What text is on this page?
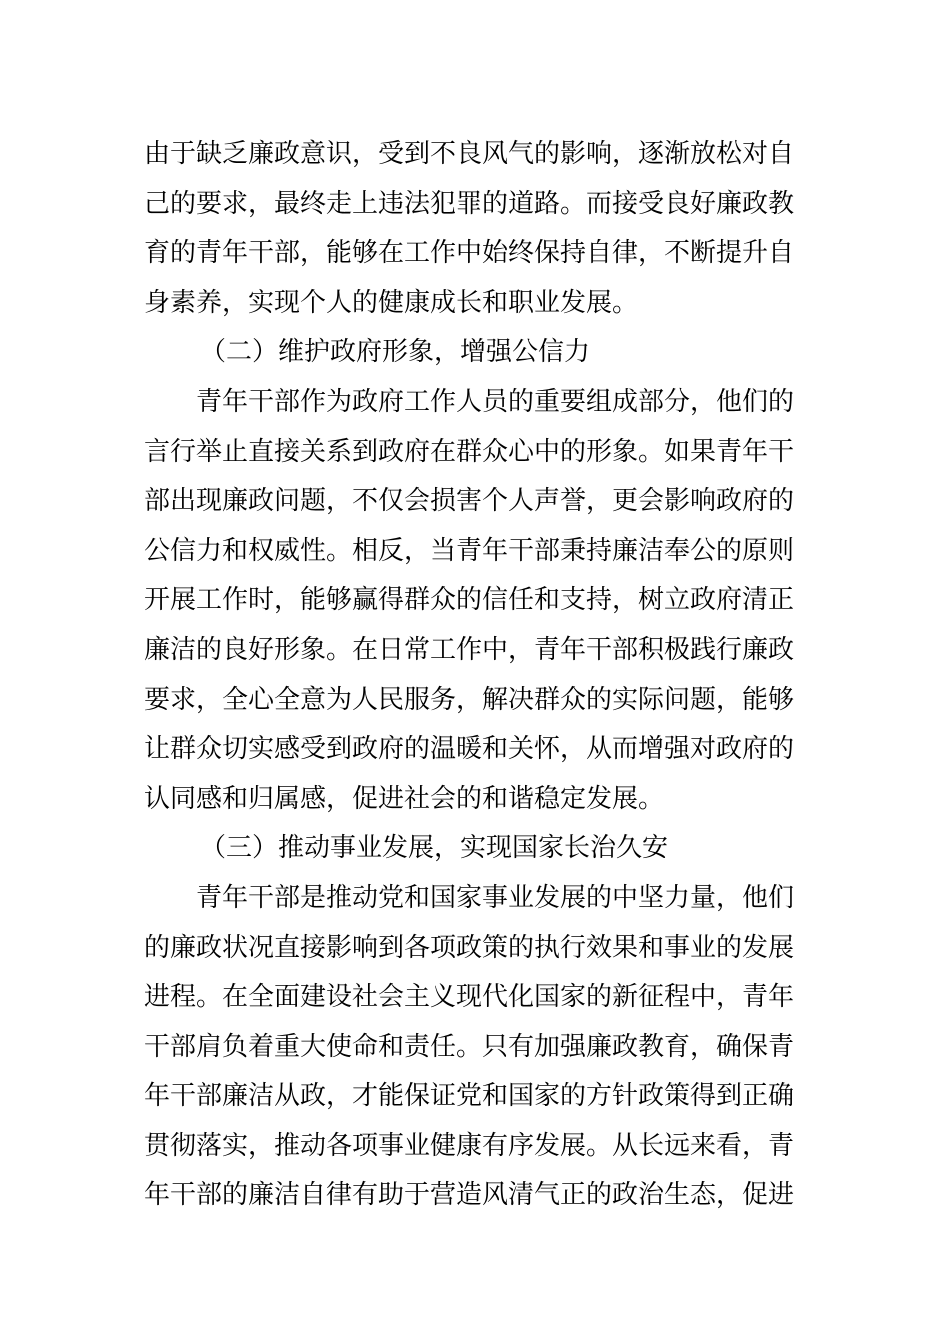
由于缺乏廉政意识，受到不良风气的影响，逐渐放松对自
己的要求，最终走上违法犯罪的道路。而接受良好廉政教
育的青年干部，能够在工作中始终保持自律，不断提升自
身素养，实现个人的健康成长和职业发展。
（二）维护政府形象，增强公信力
青年干部作为政府工作人员的重要组成部分，他们的
言行举止直接关系到政府在群众心中的形象。如果青年干
部出现廉政问题，不仅会损害个人声誉，更会影响政府的
公信力和权威性。相反，当青年干部秉持廉洁奉公的原则
开展工作时，能够赢得群众的信任和支持，树立政府清正
廉洁的良好形象。在日常工作中，青年干部积极践行廉政
要求，全心全意为人民服务，解决群众的实际问题，能够
让群众切实感受到政府的温暖和关怀，从而增强对政府的
认同感和归属感，促进社会的和谐稳定发展。
（三）推动事业发展，实现国家长治久安
青年干部是推动党和国家事业发展的中坚力量，他们
的廉政状况直接影响到各项政策的执行效果和事业的发展
进程。在全面建设社会主义现代化国家的新征程中，青年
干部肩负着重大使命和责任。只有加强廉政教育，确保青
年干部廉洁从政，才能保证党和国家的方针政策得到正确
贯彻落实，推动各项事业健康有序发展。从长远来看，青
年干部的廉洁自律有助于营造风清气正的政治生态，促进
